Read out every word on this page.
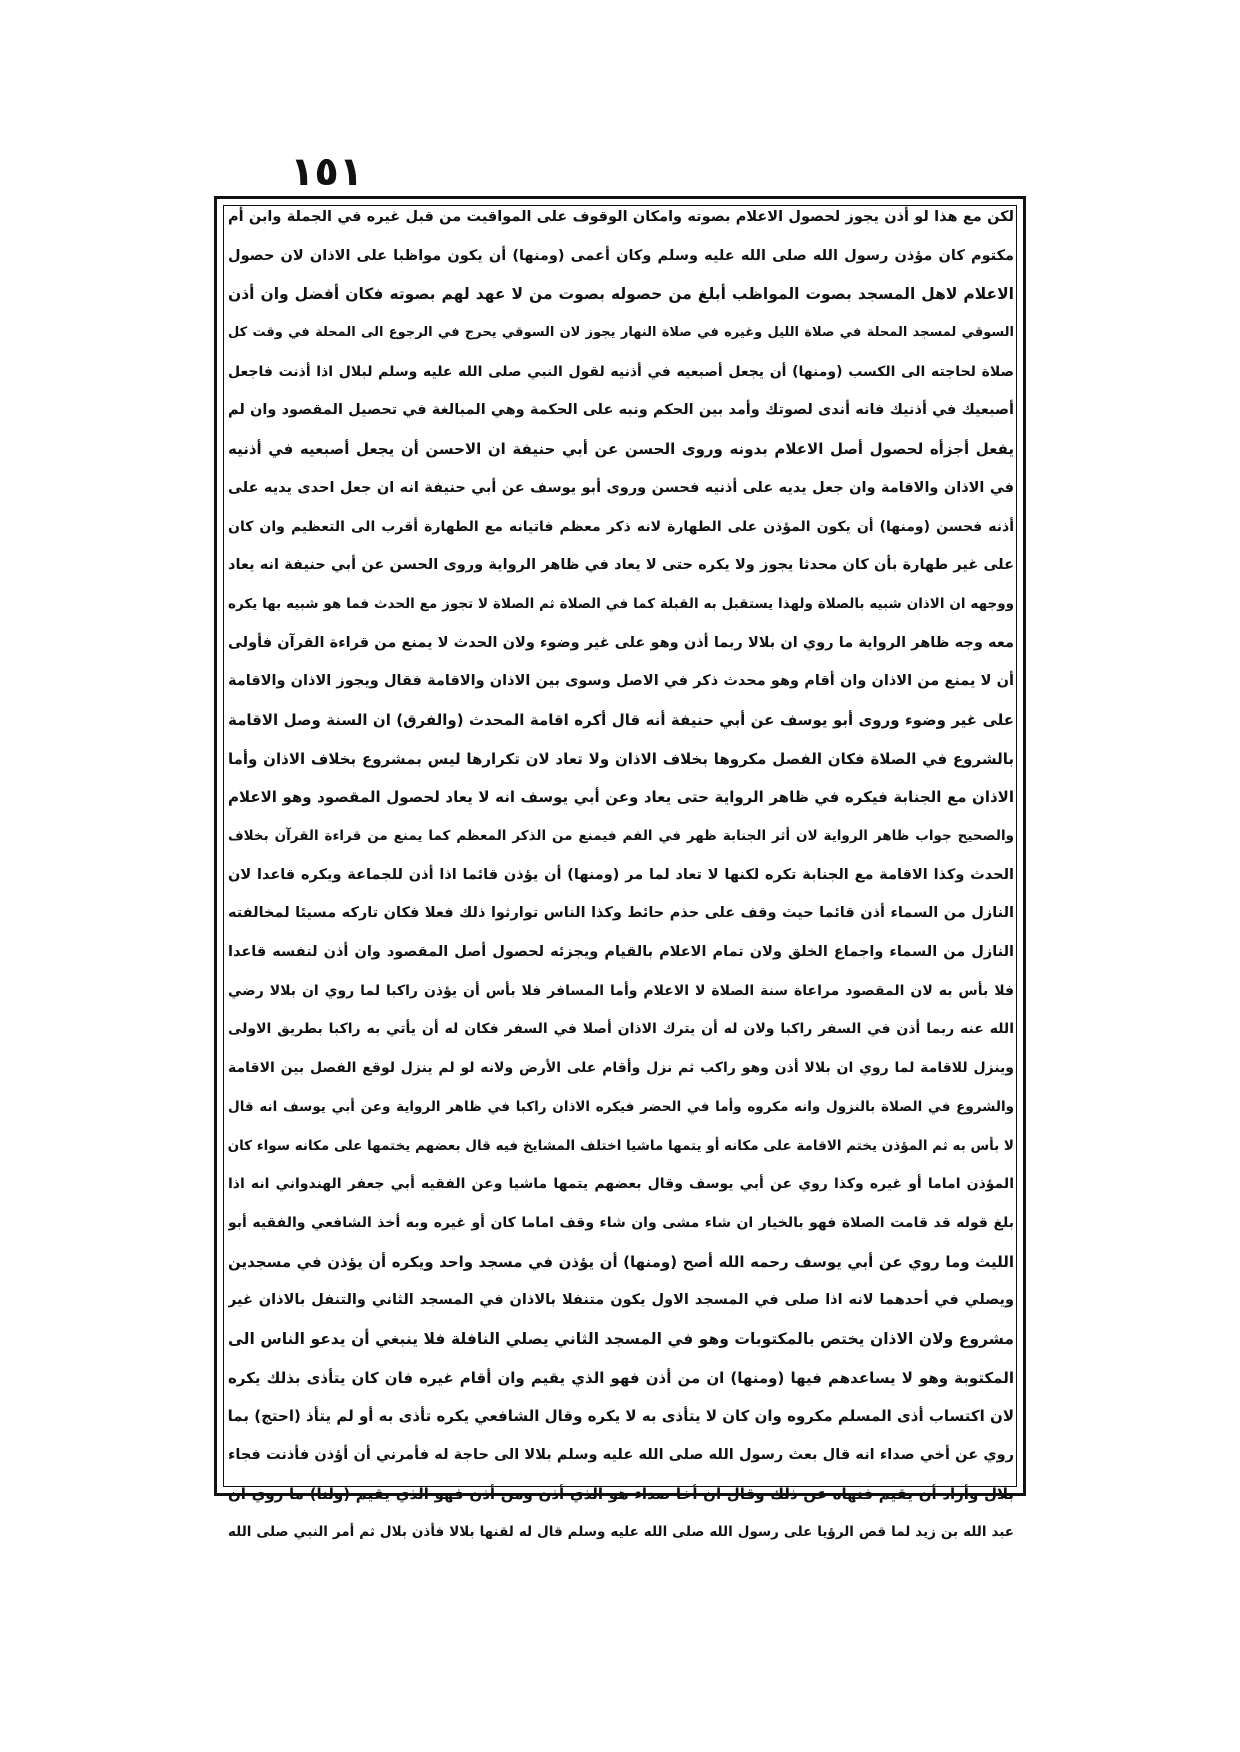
١٥١
لكن مع هذا لو أذن يجوز لحصول الاعلام بصوته وامكان الوقوف على المواقيت من قبل غيره في الجملة وابن أم
مكتوم كان مؤذن رسول الله صلى الله عليه وسلم وكان أعمى (ومنها) أن يكون مواظبا على الاذان لان حصول
الاعلام لاهل المسجد بصوت المواظب أبلغ من حصوله بصوت من لا عهد لهم بصوته فكان أفضل وان أذن
السوقي لمسجد المحلة في صلاة الليل وغيره في صلاة النهار يجوز لان السوقي يحرج في الرجوع الى المحلة في وقت كل
صلاة لحاجته الى الكسب (ومنها) أن يجعل أصبعيه في أذنيه لقول النبي صلى الله عليه وسلم لبلال اذا أذنت فاجعل
أصبعيك في أذنيك فانه أندى لصوتك وأمد بين الحكم ونبه على الحكمة وهي المبالغة في تحصيل المقصود وان لم
يفعل أجزأه لحصول أصل الاعلام بدونه وروى الحسن عن أبي حنيفة ان الاحسن أن يجعل أصبعيه في أذنيه
في الاذان والاقامة وان جعل يديه على أذنيه فحسن وروى أبو يوسف عن أبي حنيفة انه ان جعل احدى يديه على
أذنه فحسن (ومنها) أن يكون المؤذن على الطهارة لانه ذكر معظم فاتيانه مع الطهارة أقرب الى التعظيم وان كان
على غير طهارة بأن كان محدثا يجوز ولا يكره حتى لا يعاد في ظاهر الرواية وروى الحسن عن أبي حنيفة انه يعاد
ووجهه ان الاذان شبيه بالصلاة ولهذا يستقبل به القبلة كما في الصلاة ثم الصلاة لا تجوز مع الحدث فما هو شبيه بها يكره
معه وجه ظاهر الرواية ما روي ان بلالا ربما أذن وهو على غير وضوء ولان الحدث لا يمنع من قراءة القرآن فأولى
أن لا يمنع من الاذان وان أقام وهو محدث ذكر في الاصل وسوى بين الاذان والاقامة فقال ويجوز الاذان والاقامة
على غير وضوء وروى أبو يوسف عن أبي حنيفة أنه قال أكره اقامة المحدث (والفرق) ان السنة وصل الاقامة
بالشروع في الصلاة فكان الفصل مكروها بخلاف الاذان ولا تعاد لان تكرارها ليس بمشروع بخلاف الاذان وأما
الاذان مع الجنابة فيكره في ظاهر الرواية حتى يعاد وعن أبي يوسف انه لا يعاد لحصول المقصود وهو الاعلام
والصحيح جواب ظاهر الرواية لان أثر الجنابة ظهر في الفم فيمنع من الذكر المعظم كما يمنع من قراءة القرآن بخلاف
الحدث وكذا الاقامة مع الجنابة تكره لكنها لا تعاد لما مر (ومنها) أن يؤذن قائما اذا أذن للجماعة ويكره قاعدا لان
النازل من السماء أذن قائما حيث وقف على حذم حائط وكذا الناس توارثوا ذلك فعلا فكان تاركه مسيئا لمخالفته
النازل من السماء واجماع الخلق ولان تمام الاعلام بالقيام ويجزئه لحصول أصل المقصود وان أذن لنفسه قاعدا
فلا بأس به لان المقصود مراعاة سنة الصلاة لا الاعلام وأما المسافر فلا بأس أن يؤذن راكبا لما روي ان بلالا رضي
الله عنه ربما أذن في السفر راكبا ولان له أن يترك الاذان أصلا في السفر فكان له أن يأتي به راكبا بطريق الاولى
وينزل للاقامة لما روي ان بلالا أذن وهو راكب ثم نزل وأقام على الأرض ولانه لو لم ينزل لوقع الفصل بين الاقامة
والشروع في الصلاة بالنزول وانه مكروه وأما في الحضر فيكره الاذان راكبا في ظاهر الرواية وعن أبي يوسف انه قال
لا بأس به ثم المؤذن يختم الاقامة على مكانه أو يتمها ماشيا اختلف المشايخ فيه قال بعضهم يختمها على مكانه سواء كان
المؤذن اماما أو غيره وكذا روي عن أبي يوسف وقال بعضهم يتمها ماشيا وعن الفقيه أبي جعفر الهندواني انه اذا
بلغ قوله قد قامت الصلاة فهو بالخيار ان شاء مشى وان شاء وقف اماما كان أو غيره وبه أخذ الشافعي والفقيه أبو
الليث وما روي عن أبي يوسف رحمه الله أصح (ومنها) أن يؤذن في مسجد واحد ويكره أن يؤذن في مسجدين
ويصلي في أحدهما لانه اذا صلى في المسجد الاول يكون متنفلا بالاذان في المسجد الثاني والتنفل بالاذان غير
مشروع ولان الاذان يختص بالمكتوبات وهو في المسجد الثاني يصلي النافلة فلا ينبغي أن يدعو الناس الى
المكتوبة وهو لا يساعدهم فيها (ومنها) ان من أذن فهو الذي يقيم وان أقام غيره فان كان يتأذى بذلك يكره
لان اكتساب أذى المسلم مكروه وان كان لا يتأذى به لا يكره وقال الشافعي يكره تأذى به أو لم يتأذ (احتج) بما
روي عن أخي صداء انه قال بعث رسول الله صلى الله عليه وسلم بلالا الى حاجة له فأمرني أن أؤذن فأذنت فجاء
بلال وأراد أن يقيم فنهاه عن ذلك وقال ان أخا صداء هو الذي أذن ومن أذن فهو الذي يقيم (ولنا) ما روي ان
عبد الله بن زيد لما قص الرؤيا على رسول الله صلى الله عليه وسلم قال له لقنها بلالا فأذن بلال ثم أمر النبي صلى الله
